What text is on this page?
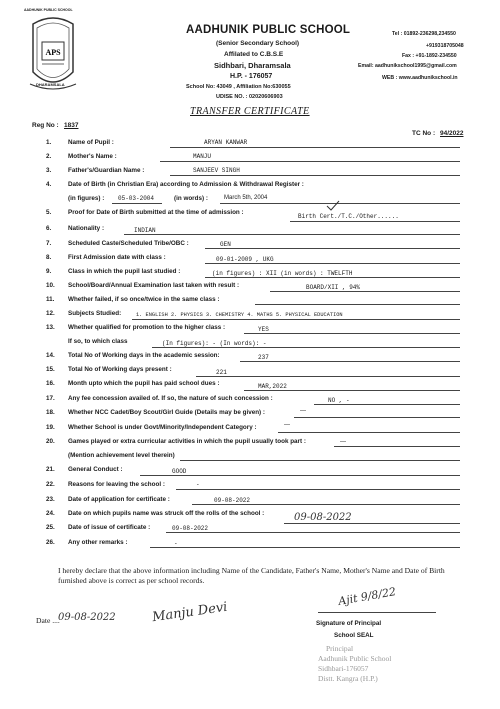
APS
AADHUNIK PUBLIC SCHOOL
DHARAMSALA
AADHUNIK PUBLIC SCHOOL
(Senior Secondary School)
Affilated to C.B.S.E
Sidhbari, Dharamsala
H.P. - 176057
School No: 43049 , Affiliation No:630055
UDISE NO. : 02020606903
Tel : 01892-236298,234550
+919318705048
Fax : +91-1892-234550
Email: aadhunikschool1995@gmail.com
WEB : www.aadhunikschool.in
TRANSFER CERTIFICATE
Reg No : 1837
TC No : 94/2022
1.	Name of Pupil :	ARYAN KANWAR
2.	Mother's Name :	MANJU
3.	Father's/Guardian Name :	SANJEEV SINGH
4.	Date of Birth (in Christian Era) according to Admission & Withdrawal Register :
(in figures) : 05-03-2004	(in words) :	March 5th, 2004
5.	Proof for Date of Birth submitted at the time of admission :
Birth Cert./T.C./Other......
6.	Nationality :	INDIAN
7.	Scheduled Caste/Scheduled Tribe/OBC :	GEN
8.	First Admission date with class :	09-01-2009 , UKG
9.	Class in which the pupil last studied :	(in figures) : XII (in words) : TWELFTH
10. School/Board/Annual Examination last taken with result :	BOARD/XII , 94%
11. Whether failed, if so once/twice in the same class :
12. Subjects Studied:	1. ENGLISH 2. PHYSICS 3. CHEMISTRY 4. MATHS 5. PHYSICAL EDUCATION
13. Whether qualified for promotion to the higher class :	YES
If so, to which class	(In figures): - (In words): -
14. Total No of Working days in the academic session:	237
15. Total No of Working days present :	221
16. Month upto which the pupil has paid school dues :	MAR,2022
17. Any fee concession availed of. If so, the nature of such concession :	NO , -
18. Whether NCC Cadet/Boy Scout/Girl Guide (Details may be given) :	—
19. Whether School is under Govt/Minority/Independent Category :	—
20. Games played or extra curricular activities in which the pupil usually took part :	—
(Mention achievement level therein)
21. General Conduct :	GOOD
22. Reasons for leaving the school :	-
23. Date of application for certificate :	09-08-2022
24. Date on which pupils name was struck off the rolls of the school :	09-08-2022
25. Date of issue of certificate :	09-08-2022
26. Any other remarks :	-
I hereby declare that the above information including Name of the Candidate, Father's Name, Mother's Name and Date of Birth furnished above is correct as per school records.
Date ....
09-08-2022	Manju Devi
Ajit 9/8/22
Signature of Principal
School SEAL
Principal
Aadhunik Public School
Sidhbari-176057
Distt. Kangra (H.P.)
